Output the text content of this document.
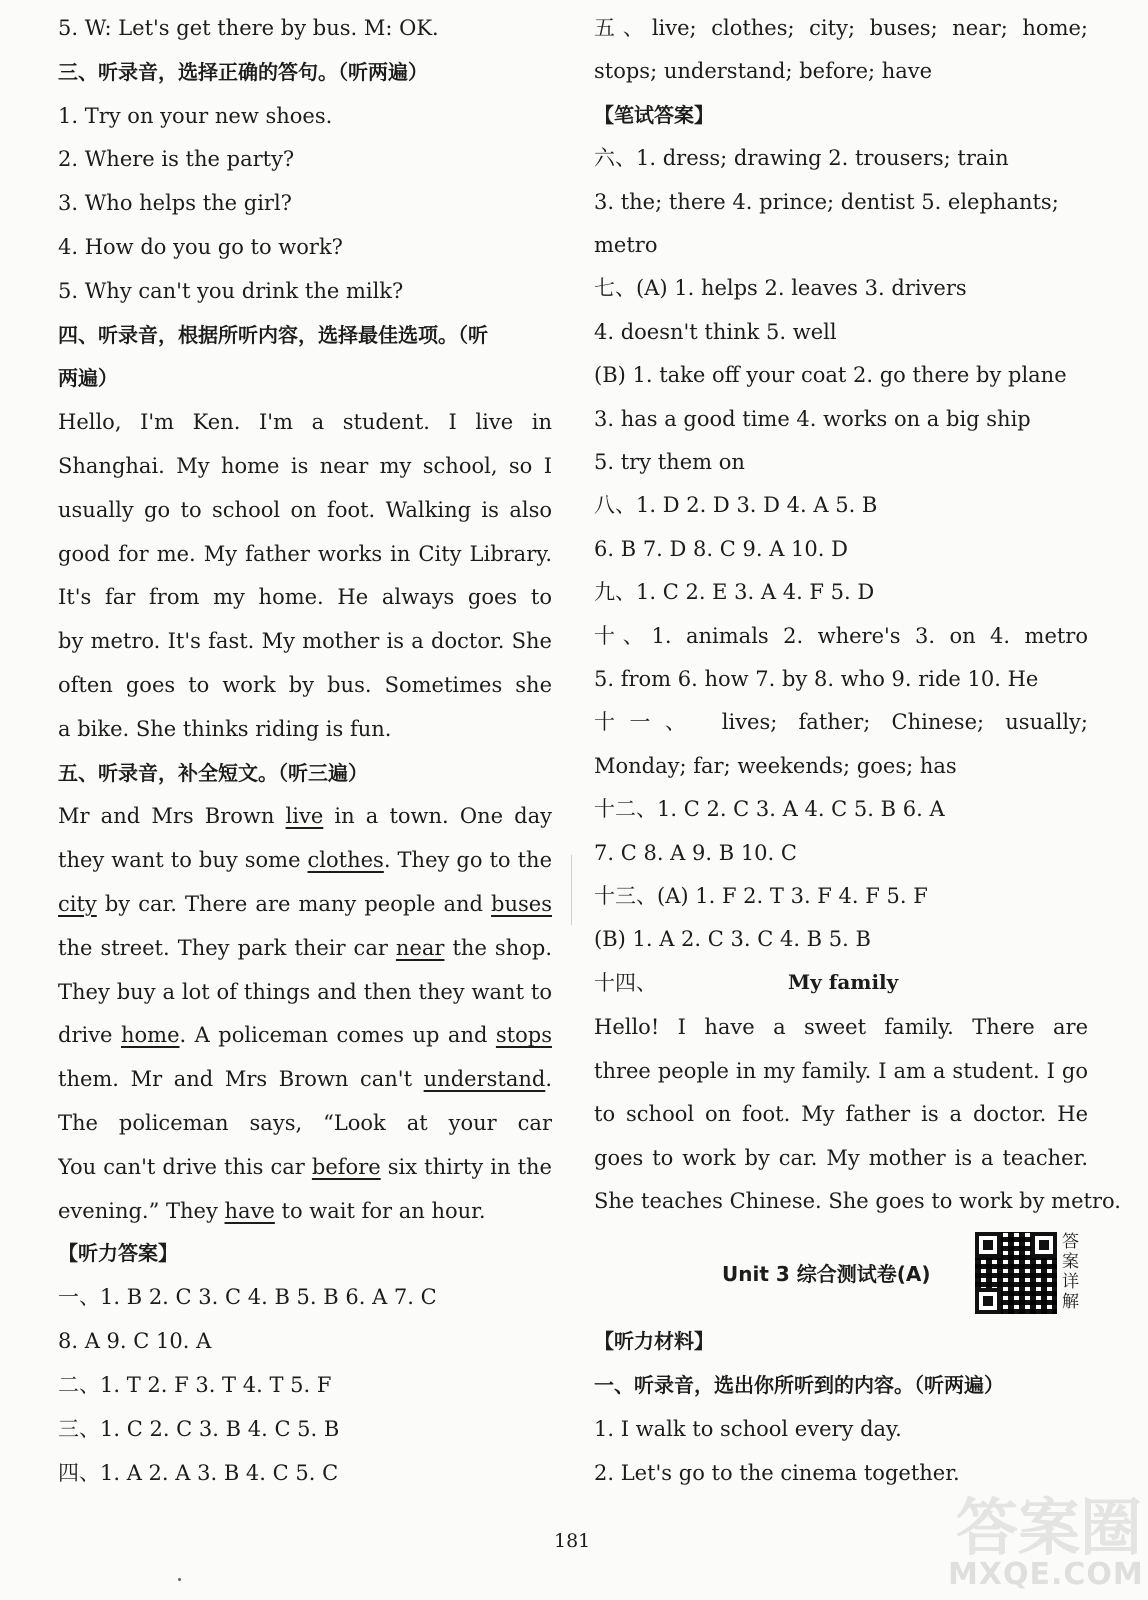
5. W: Let's get there by bus. M: OK.
三、听录音，选择正确的答句。（听两遍）
1. Try on your new shoes.
2. Where is the party?
3. Who helps the girl?
4. How do you go to work?
5. Why can't you drink the milk?
四、听录音，根据所听内容，选择最佳选项。（听
两遍）
Hello, I'm Ken. I'm a student. I live in
Shanghai. My home is near my school, so I
usually go to school on foot. Walking is also
good for me. My father works in City Library.
It's far from my home. He always goes to
by metro. It's fast. My mother is a doctor. She
often goes to work by bus. Sometimes she
a bike. She thinks riding is fun.
五、听录音，补全短文。（听三遍）
Mr and Mrs Brown live in a town. One day
they want to buy some clothes. They go to the
city by car. There are many people and buses
the street. They park their car near the shop.
They buy a lot of things and then they want to
drive home. A policeman comes up and stops
them. Mr and Mrs Brown can't understand.
The policeman says, “Look at your car
You can't drive this car before six thirty in the
evening.” They have to wait for an hour.
【听力答案】
一、1. B 2. C 3. C 4. B 5. B 6. A 7. C
8. A 9. C 10. A
二、1. T 2. F 3. T 4. T 5. F
三、1. C 2. C 3. B 4. C 5. B
四、1. A 2. A 3. B 4. C 5. C
五、live; clothes; city; buses; near; home;
stops; understand; before; have
【笔试答案】
六、1. dress; drawing 2. trousers; train
3. the; there 4. prince; dentist 5. elephants;
metro
七、(A) 1. helps 2. leaves 3. drivers
4. doesn't think 5. well
(B) 1. take off your coat 2. go there by plane
3. has a good time 4. works on a big ship
5. try them on
八、1. D 2. D 3. D 4. A 5. B
6. B 7. D 8. C 9. A 10. D
九、1. C 2. E 3. A 4. F 5. D
十、1. animals 2. where's 3. on 4. metro
5. from 6. how 7. by 8. who 9. ride 10. He
十一、 lives; father; Chinese; usually;
Monday; far; weekends; goes; has
十二、1. C 2. C 3. A 4. C 5. B 6. A
7. C 8. A 9. B 10. C
十三、(A) 1. F 2. T 3. F 4. F 5. F
(B) 1. A 2. C 3. C 4. B 5. B
十四、
Hello! I have a sweet family. There are
three people in my family. I am a student. I go
to school on foot. My father is a doctor. He
goes to work by car. My mother is a teacher.
She teaches Chinese. She goes to work by metro.
【听力材料】
一、听录音，选出你所听到的内容。（听两遍）
1. I walk to school every day.
2. Let's go to the cinema together.
My family
Unit 3 综合测试卷(A)
答案详解
181	答案圈
MXQE.COM
